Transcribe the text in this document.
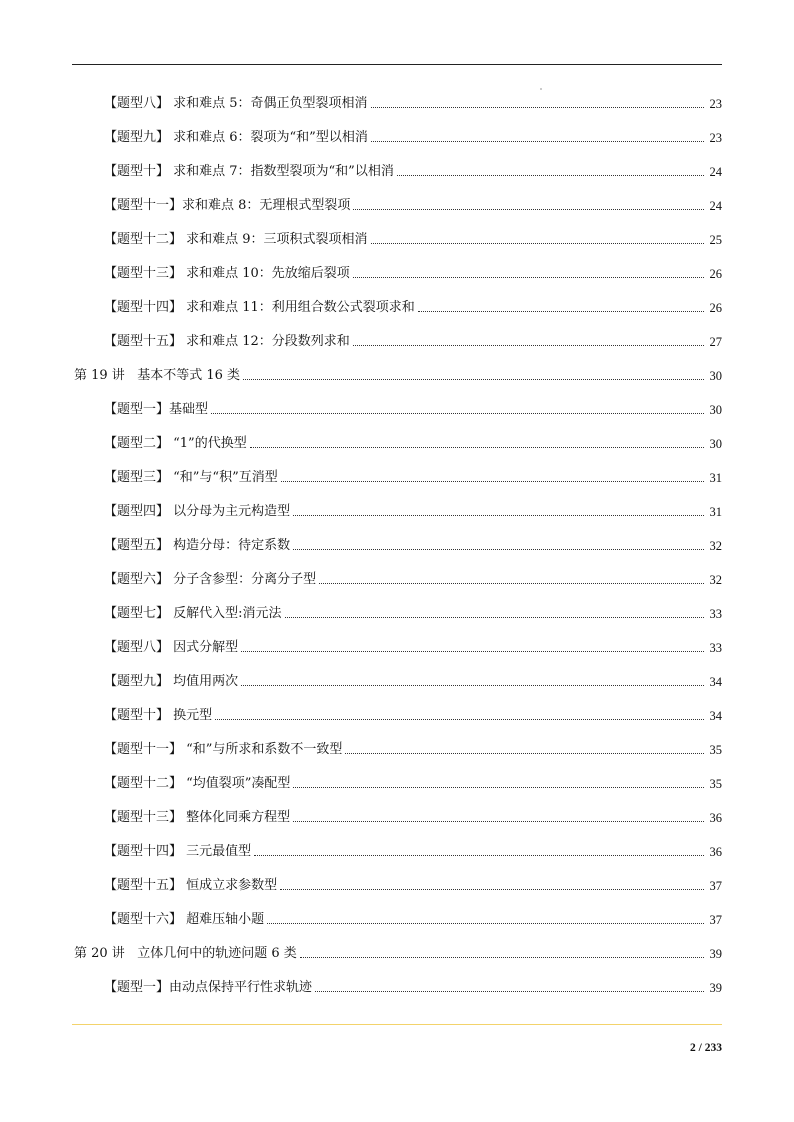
【题型八】 求和难点 5：奇偶正负型裂项相消	23
【题型九】 求和难点 6：裂项为“和”型以相消	23
【题型十】 求和难点 7：指数型裂项为“和”以相消	24
【题型十一】求和难点 8：无理根式型裂项	24
【题型十二】 求和难点 9：三项积式裂项相消	25
【题型十三】 求和难点 10：先放缩后裂项	26
【题型十四】 求和难点 11：利用组合数公式裂项求和	26
【题型十五】 求和难点 12：分段数列求和	27
第 19 讲   基本不等式 16 类	30
【题型一】基础型	30
【题型二】 “1”的代换型	30
【题型三】 “和”与“积”互消型	31
【题型四】 以分母为主元构造型	31
【题型五】 构造分母：待定系数	32
【题型六】 分子含参型：分离分子型	32
【题型七】 反解代入型:消元法	33
【题型八】 因式分解型	33
【题型九】 均值用两次	34
【题型十】 换元型	34
【题型十一】 “和”与所求和系数不一致型	35
【题型十二】 “均值裂项”凑配型	35
【题型十三】 整体化同乘方程型	36
【题型十四】 三元最值型	36
【题型十五】 恒成立求参数型	37
【题型十六】 超难压轴小题	37
第 20 讲   立体几何中的轨迹问题 6 类	39
【题型一】由动点保持平行性求轨迹	39
2 / 233
